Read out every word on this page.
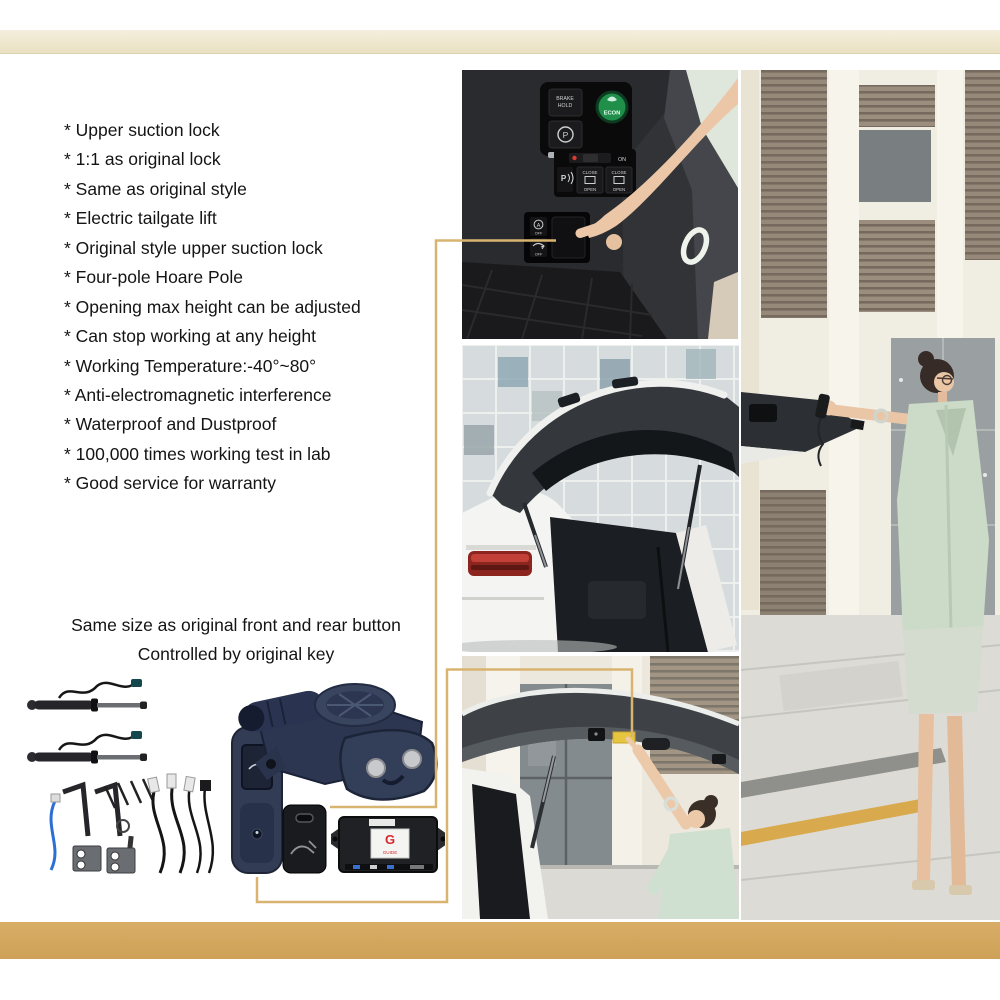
* Upper suction lock
* 1:1 as original lock
* Same as original style
* Electric tailgate lift
* Original style upper suction lock
* Four-pole Hoare Pole
* Opening max height can be adjusted
* Can stop working at any height
* Working Temperature:-40°~80°
* Anti-electromagnetic interference
* Waterproof and Dustproof
* 100,000 times working test in lab
* Good service for warranty
Same size as original front and rear button
Controlled by original key
BRAKE
HOLD
P
ECON
ON
P
CLOSE
OPEN
CLOSE
OPEN
A
OFF
OFF
G
GUIDE
